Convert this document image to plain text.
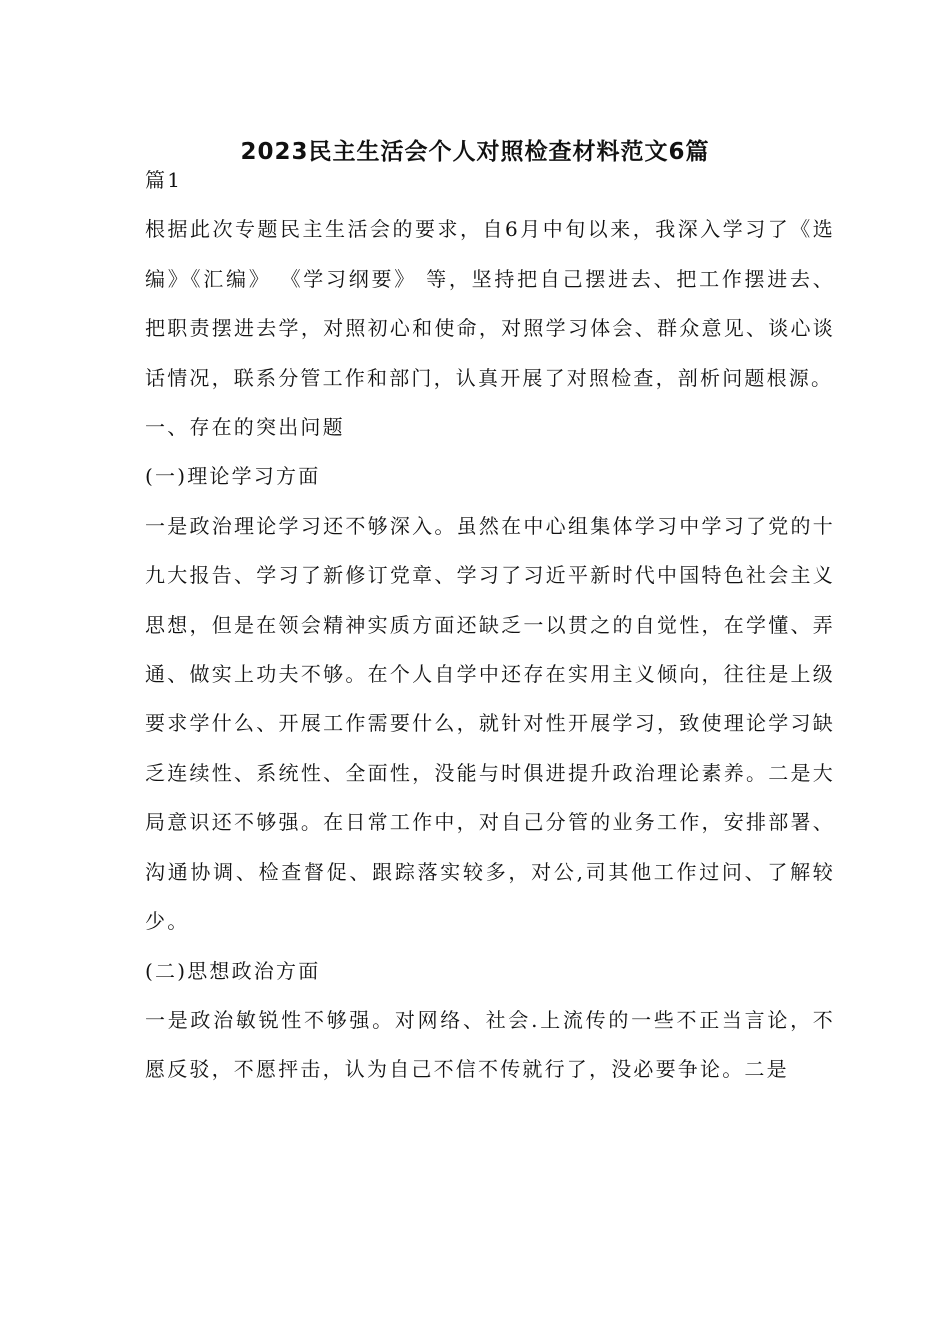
2023民主生活会个人对照检查材料范文6篇

篇1

根据此次专题民主生活会的要求，自6月中旬以来，我深入学习了《选编》《汇编》 《学习纲要》 等，坚持把自己摆进去、把工作摆进去、把职责摆进去学，对照初心和使命，对照学习体会、群众意见、谈心谈话情况，联系分管工作和部门，认真开展了对照检查，剖析问题根源。

一、存在的突出问题

(一)理论学习方面

一是政治理论学习还不够深入。虽然在中心组集体学习中学习了党的十九大报告、学习了新修订党章、学习了习近平新时代中国特色社会主义思想，但是在领会精神实质方面还缺乏一以贯之的自觉性，在学懂、弄通、做实上功夫不够。在个人自学中还存在实用主义倾向，往往是上级要求学什么、开展工作需要什么，就针对性开展学习，致使理论学习缺乏连续性、系统性、全面性，没能与时俱进提升政治理论素养。二是大局意识还不够强。在日常工作中，对自己分管的业务工作，安排部署、沟通协调、检查督促、跟踪落实较多，对公,司其他工作过问、了解较少。

(二)思想政治方面

一是政治敏锐性不够强。对网络、社会.上流传的一些不正当言论，不愿反驳，不愿抨击，认为自己不信不传就行了，没必要争论。二是
